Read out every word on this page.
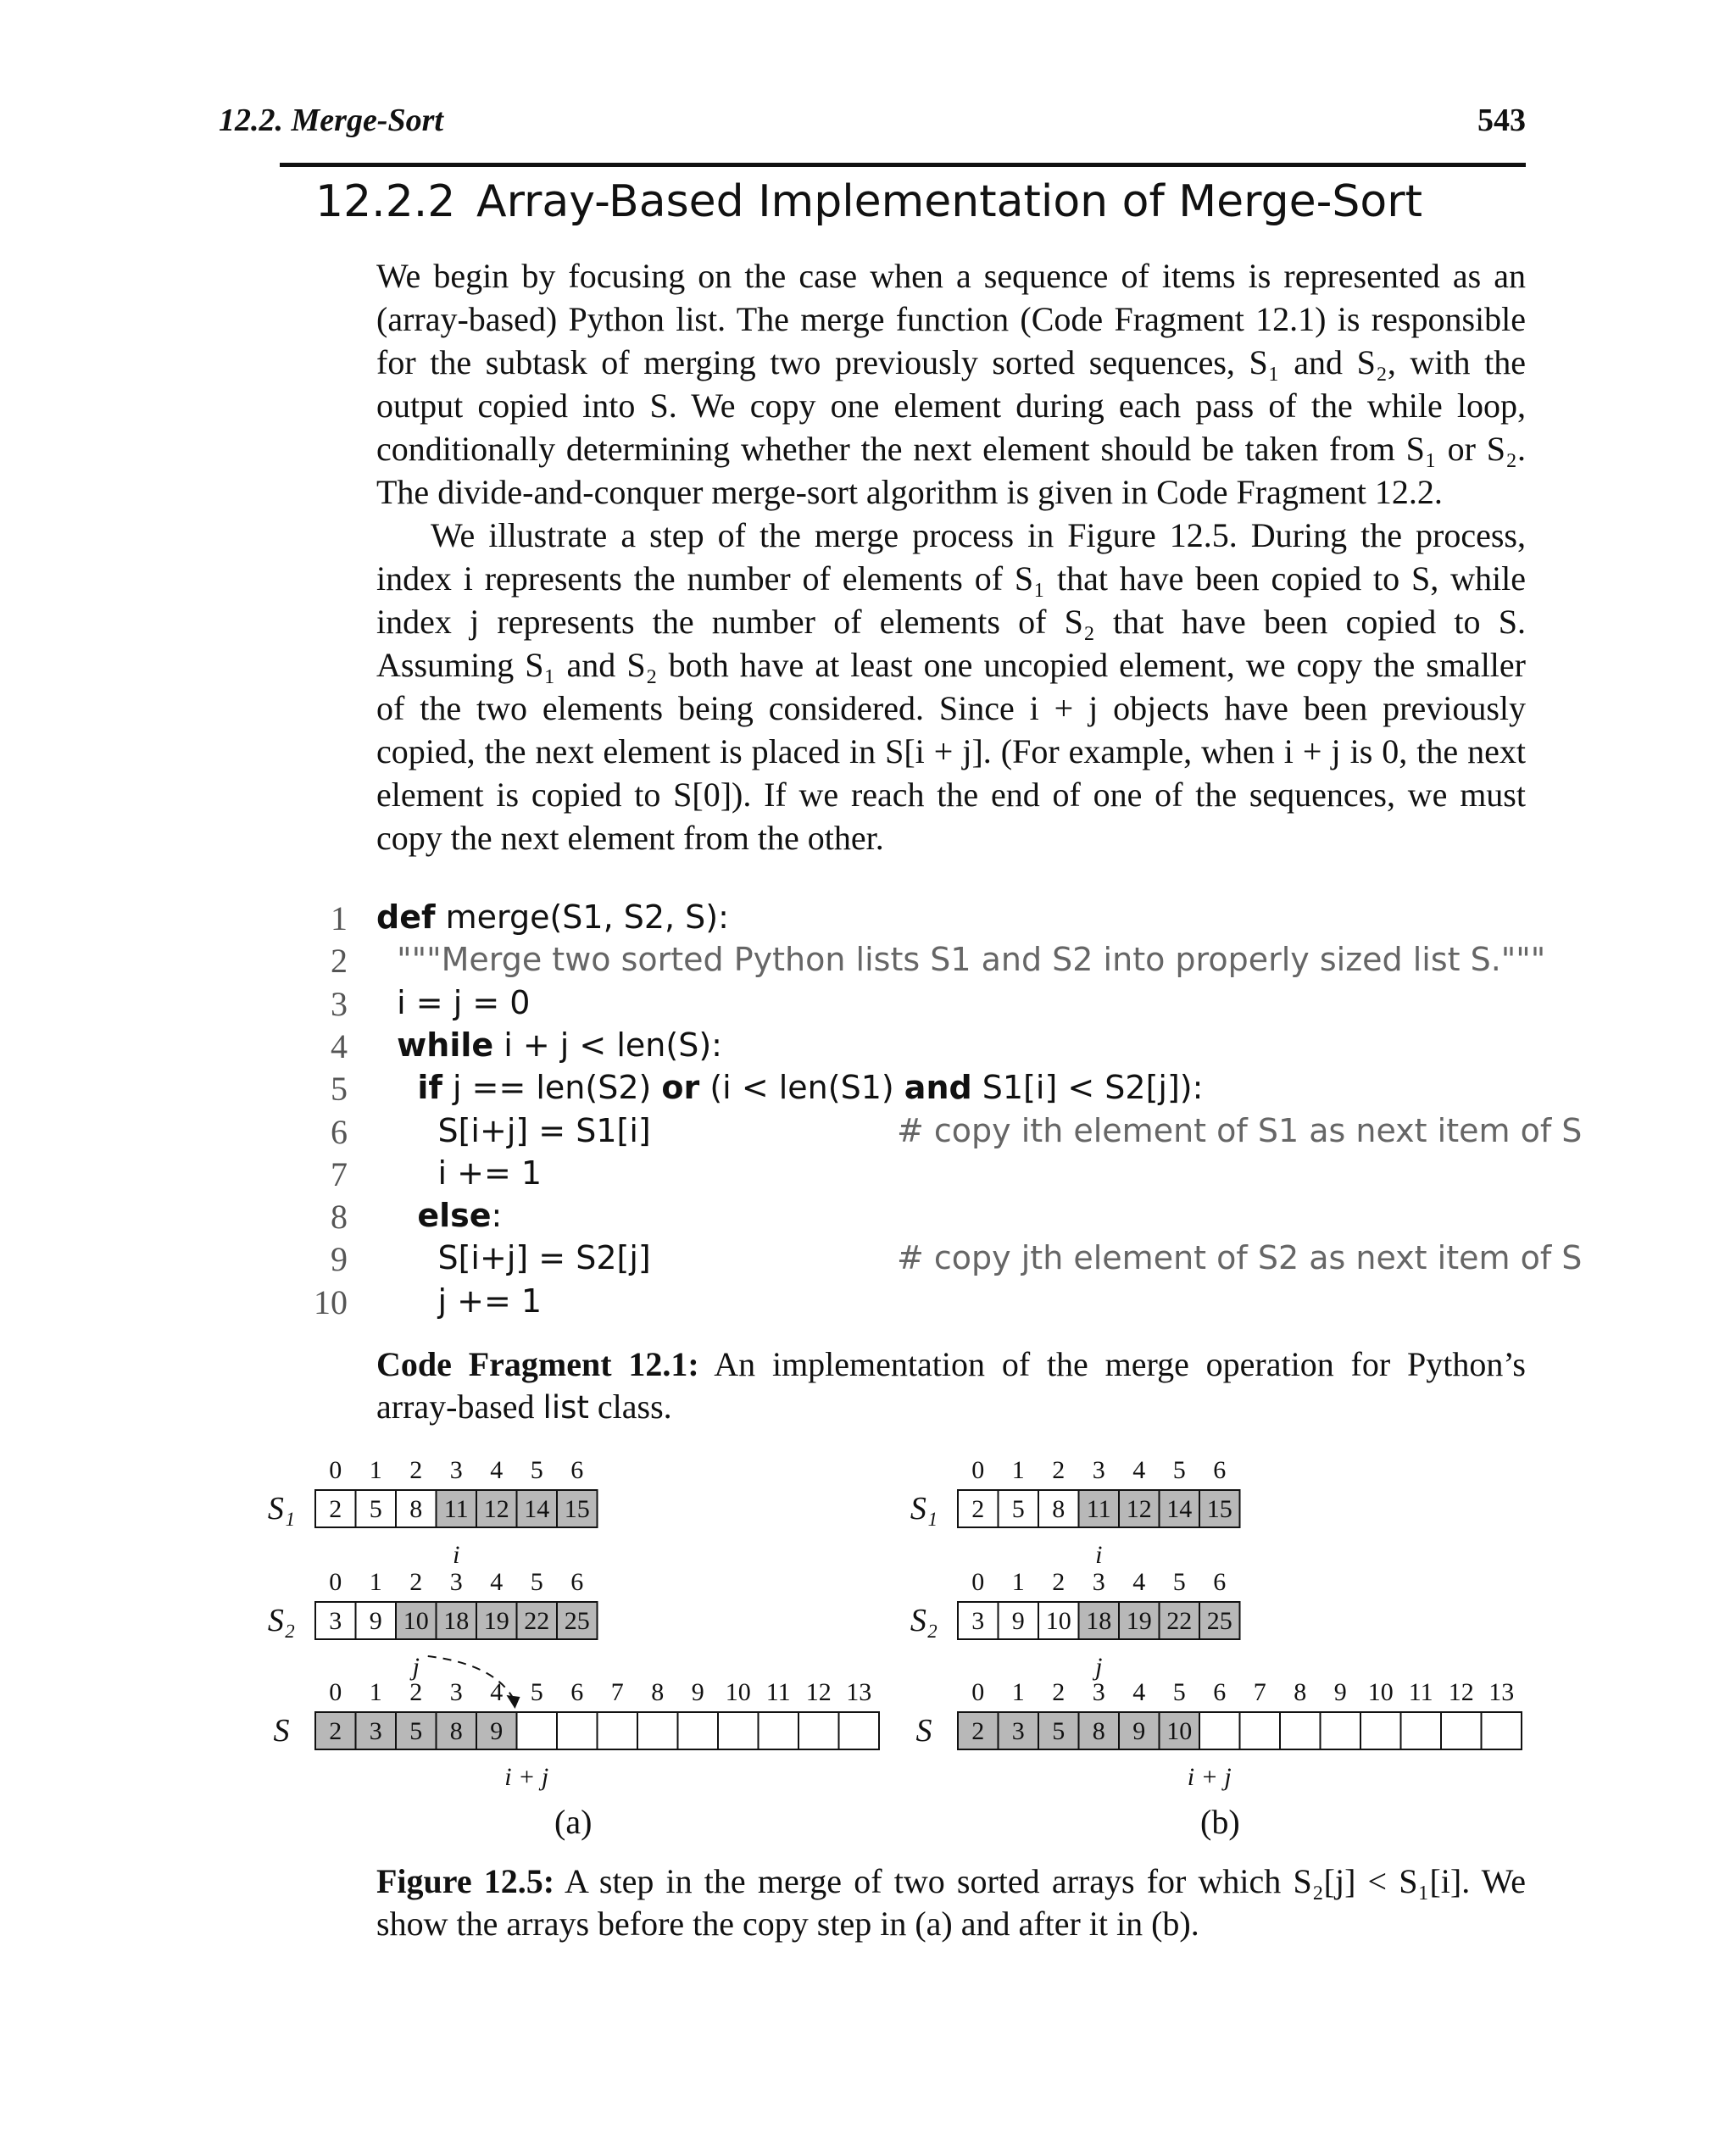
12.2. Merge-Sort	543
12.2.2 Array-Based Implementation of Merge-Sort

We begin by focusing on the case when a sequence of items is represented as an (array-based) Python list. The merge function (Code Fragment 12.1) is responsible for the subtask of merging two previously sorted sequences, S₁ and S₂, with the output copied into S. We copy one element during each pass of the while loop, conditionally determining whether the next element should be taken from S₁ or S₂. The divide-and-conquer merge-sort algorithm is given in Code Fragment 12.2.

We illustrate a step of the merge process in Figure 12.5. During the process, index i represents the number of elements of S₁ that have been copied to S, while index j represents the number of elements of S₂ that have been copied to S. Assuming S₁ and S₂ both have at least one uncopied element, we copy the smaller of the two elements being considered. Since i + j objects have been previously copied, the next element is placed in S[i + j]. (For example, when i + j is 0, the next element is copied to S[0]). If we reach the end of one of the sequences, we must copy the next element from the other.

1 def merge(S1, S2, S):
2 """Merge two sorted Python lists S1 and S2 into properly sized list S."""
3 i = j = 0
4	while i + j < len(S):
5	if j == len(S2) or (i < len(S1) and S1[i] < S2[j]):
6 S[i+j] = S1[i]	# copy ith element of S1 as next item of S
7 i += 1
8	else:
9 S[i+j] = S2[j]	# copy jth element of S2 as next item of S
10 j += 1
Code Fragment 12.1: An implementation of the merge operation for Python’s array-based list class.
S₁
S₂
S
0
2
1
5
2
8
3
11
4
12
5
14
6
15
0
3
1
9
2
10
3
18
4
19
5
22
6
25
0
2
1
3
2
5
3
8
4
9
5 6 7 8 9 10 11 12 13
i
j
i + j
S₁
S₂
S
0
2
1
5
2
8
3
11
4
12
5
14
6
15
0
3
1
9
2
10
3
18
4
19
5
22
6
25
0
2
1
3
2
5
3
8
4
9
5
10
6 7 8 9 10 11 12 13
i
j
i + j
(a)	(b)
Figure 12.5: A step in the merge of two sorted arrays for which S₂[j] < S₁[i]. We show the arrays before the copy step in (a) and after it in (b).
